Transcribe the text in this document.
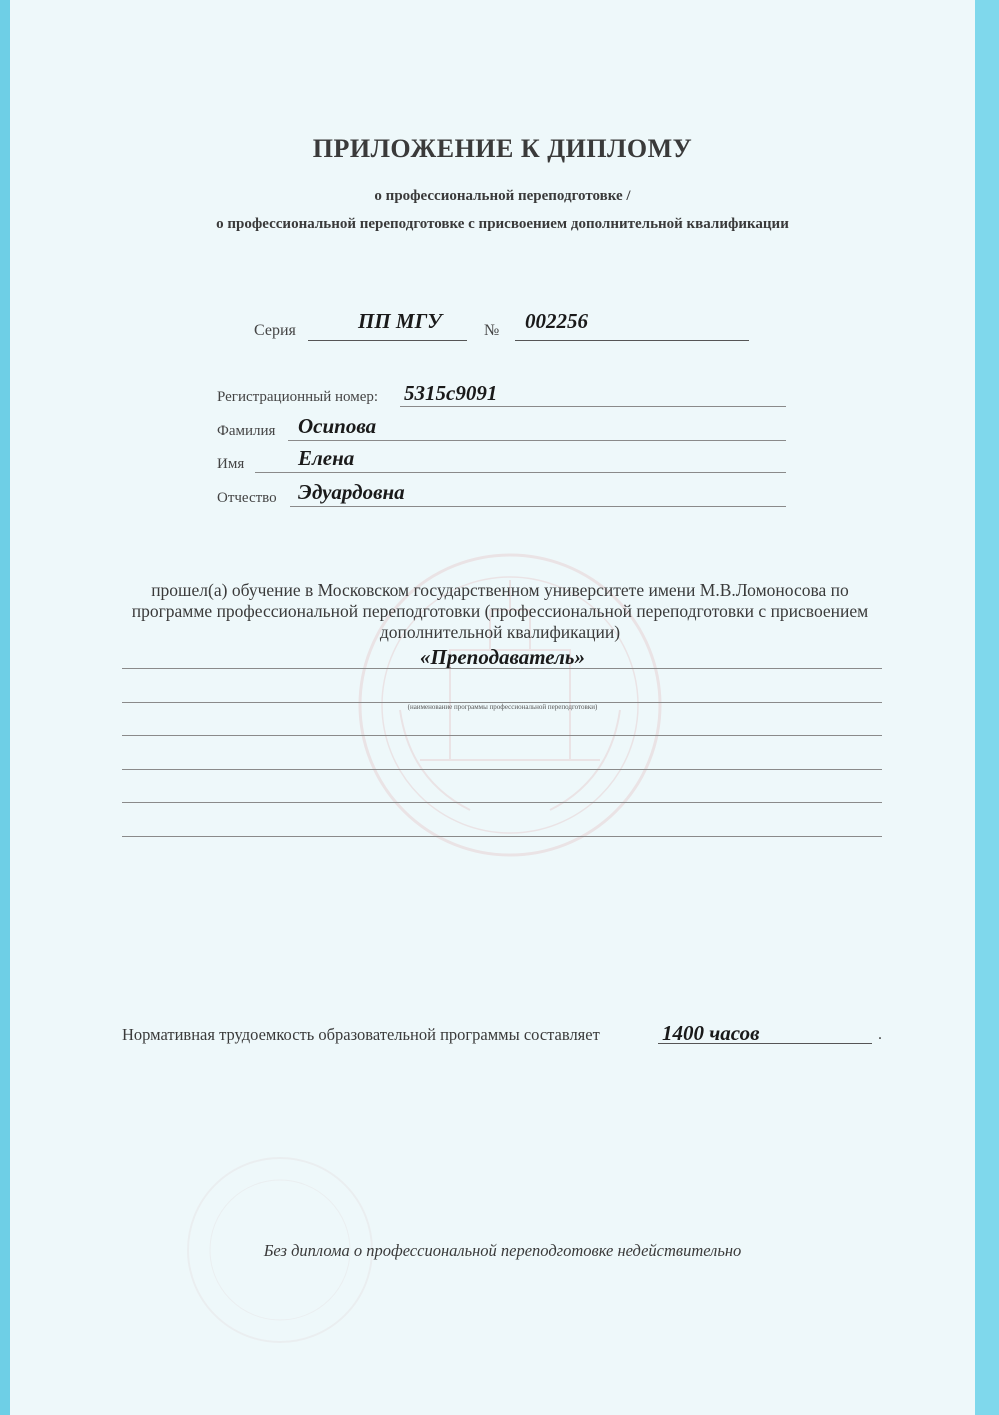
ПРИЛОЖЕНИЕ К ДИПЛОМУ
о профессиональной переподготовке /
о профессиональной переподготовке с присвоением дополнительной квалификации
Серия	ПП МГУ	№ 002256
Регистрационный номер: 5315с9091
Фамилия Осипова
Имя	Елена
Отчество Эдуардовна
прошел(а) обучение в Московском государственном университете имени М.В.Ломоносова по программе профессиональной переподготовки (профессиональной переподготовки с присвоением дополнительной квалификации)
«Преподаватель»
(наименование программы профессиональной переподготовки)
Нормативная трудоемкость образовательной программы составляет	1400 часов	.
Без диплома о профессиональной переподготовке недействительно
